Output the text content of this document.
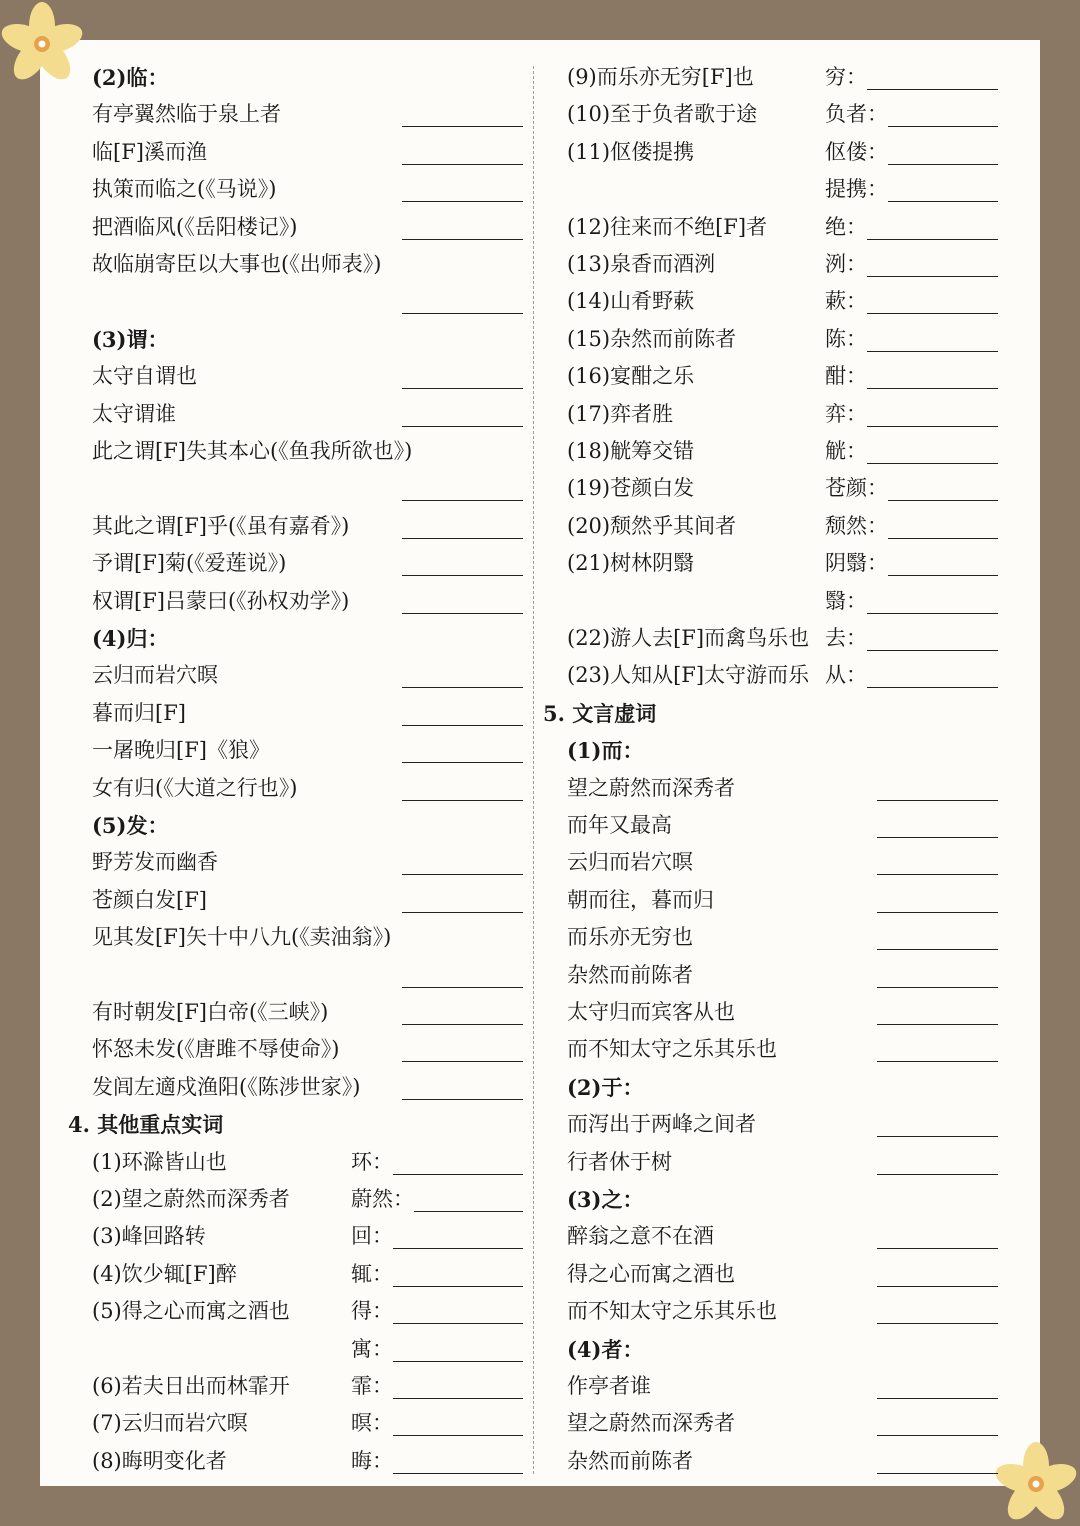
(2)临：
有亭翼然临于泉上者
临[F]溪而渔
执策而临之(《马说》)
把酒临风(《岳阳楼记》)
故临崩寄臣以大事也(《出师表》)
(3)谓：
太守自谓也
太守谓谁
此之谓[F]失其本心(《鱼我所欲也》)
其此之谓[F]乎(《虽有嘉肴》)
予谓[F]菊(《爱莲说》)
权谓[F]吕蒙曰(《孙权劝学》)
(4)归：
云归而岩穴暝
暮而归[F]
一屠晚归[F]《狼》
女有归(《大道之行也》)
(5)发：
野芳发而幽香
苍颜白发[F]
见其发[F]矢十中八九(《卖油翁》)
有时朝发[F]白帝(《三峡》)
怀怒未发(《唐雎不辱使命》)
发闾左適戍渔阳(《陈涉世家》)
4. 其他重点实词
(1)环滁皆山也	环：
(2)望之蔚然而深秀者	蔚然：
(3)峰回路转	回：
(4)饮少辄[F]醉	辄：
(5)得之心而寓之酒也	得：
寓：
(6)若夫日出而林霏开	霏：
(7)云归而岩穴暝	暝：
(8)晦明变化者	晦：
(9)而乐亦无穷[F]也	穷：
(10)至于负者歌于途	负者：
(11)伛偻提携	伛偻：
提携：
(12)往来而不绝[F]者	绝：
(13)泉香而酒洌	洌：
(14)山肴野蔌	蔌：
(15)杂然而前陈者	陈：
(16)宴酣之乐	酣：
(17)弈者胜	弈：
(18)觥筹交错	觥：
(19)苍颜白发	苍颜：
(20)颓然乎其间者	颓然：
(21)树林阴翳	阴翳：
翳：
(22)游人去[F]而禽鸟乐也 去：
(23)人知从[F]太守游而乐 从：
5. 文言虚词
(1)而：
望之蔚然而深秀者
而年又最高
云归而岩穴暝
朝而往，暮而归
而乐亦无穷也
杂然而前陈者
太守归而宾客从也
而不知太守之乐其乐也
(2)于：
而泻出于两峰之间者
行者休于树
(3)之：
醉翁之意不在酒
得之心而寓之酒也
而不知太守之乐其乐也
(4)者：
作亭者谁
望之蔚然而深秀者
杂然而前陈者
